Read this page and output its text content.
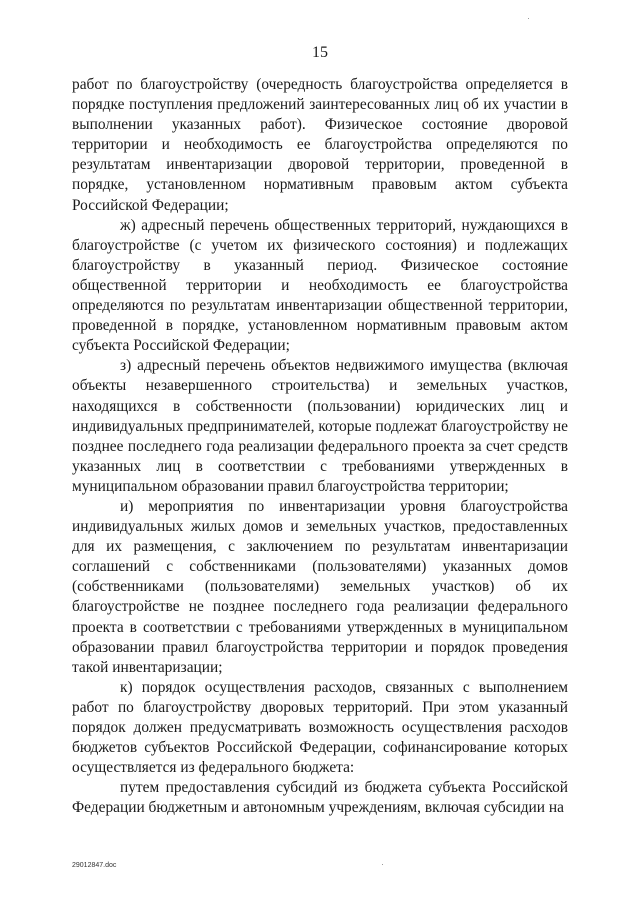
15

работ по благоустройству (очередность благоустройства определяется в порядке поступления предложений заинтересованных лиц об их участии в выполнении указанных работ). Физическое состояние дворовой территории и необходимость ее благоустройства определяются по результатам инвентаризации дворовой территории, проведенной в порядке, установленном нормативным правовым актом субъекта Российской Федерации;

ж) адресный перечень общественных территорий, нуждающихся в благоустройстве (с учетом их физического состояния) и подлежащих благоустройству в указанный период. Физическое состояние общественной территории и необходимость ее благоустройства определяются по результатам инвентаризации общественной территории, проведенной в порядке, установленном нормативным правовым актом субъекта Российской Федерации;

з) адресный перечень объектов недвижимого имущества (включая объекты незавершенного строительства) и земельных участков, находящихся в собственности (пользовании) юридических лиц и индивидуальных предпринимателей, которые подлежат благоустройству не позднее последнего года реализации федерального проекта за счет средств указанных лиц в соответствии с требованиями утвержденных в муниципальном образовании правил благоустройства территории;

и) мероприятия по инвентаризации уровня благоустройства индивидуальных жилых домов и земельных участков, предоставленных для их размещения, с заключением по результатам инвентаризации соглашений с собственниками (пользователями) указанных домов (собственниками (пользователями) земельных участков) об их благоустройстве не позднее последнего года реализации федерального проекта в соответствии с требованиями утвержденных в муниципальном образовании правил благоустройства территории и порядок проведения такой инвентаризации;

к) порядок осуществления расходов, связанных с выполнением работ по благоустройству дворовых территорий. При этом указанный порядок должен предусматривать возможность осуществления расходов бюджетов субъектов Российской Федерации, софинансирование которых осуществляется из федерального бюджета:

путем предоставления субсидий из бюджета субъекта Российской Федерации бюджетным и автономным учреждениям, включая субсидии на

29012847.doc
